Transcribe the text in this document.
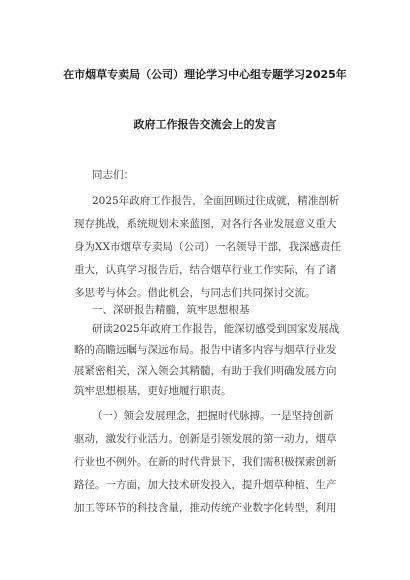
在市烟草专卖局（公司）理论学习中心组专题学习2025年
政府工作报告交流会上的发言
同志们：
2025年政府工作报告，全面回顾过往成就，精准剖析
现存挑战，系统规划未来蓝图，对各行各业发展意义重大
身为XX市烟草专卖局（公司）一名领导干部，我深感责任
重大，认真学习报告后，结合烟草行业工作实际，有了诸
多思考与体会。借此机会，与同志们共同探讨交流。
一、深研报告精髓，筑牢思想根基
研读2025年政府工作报告，能深切感受到国家发展战
略的高瞻远瞩与深远布局。报告中诸多内容与烟草行业发
展紧密相关，深入领会其精髓，有助于我们明确发展方向
筑牢思想根基，更好地履行职责。
（一）领会发展理念，把握时代脉搏。一是坚持创新
驱动，激发行业活力。创新是引领发展的第一动力，烟草
行业也不例外。在新的时代背景下，我们需积极探索创新
路径。一方面，加大技术研发投入，提升烟草种植、生产
加工等环节的科技含量，推动传统产业数字化转型，利用
